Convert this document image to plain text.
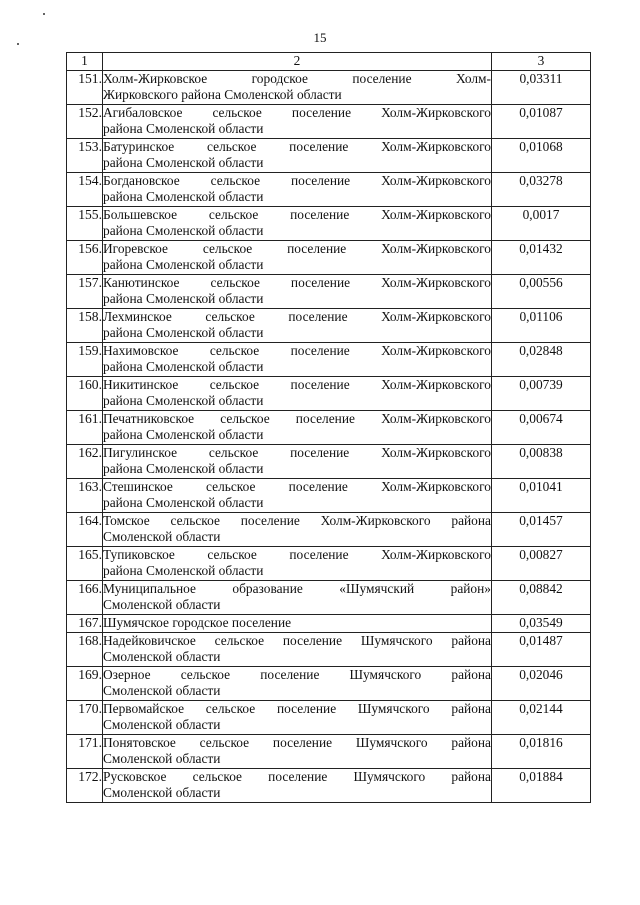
15
1	2	3
151.	Холм-Жирковское городское поселение Холм-
Жирковского района Смоленской области	0,03311
152.	Агибаловское сельское поселение Холм-Жирковского
района Смоленской области	0,01087
153.	Батуринское сельское поселение Холм-Жирковского
района Смоленской области	0,01068
154.	Богдановское сельское поселение Холм-Жирковского
района Смоленской области	0,03278
155.	Большевское сельское поселение Холм-Жирковского
района Смоленской области	0,0017
156.	Игоревское сельское поселение Холм-Жирковского
района Смоленской области	0,01432
157.	Канютинское сельское поселение Холм-Жирковского
района Смоленской области	0,00556
158.	Лехминское сельское поселение Холм-Жирковского
района Смоленской области	0,01106
159.	Нахимовское сельское поселение Холм-Жирковского
района Смоленской области	0,02848
160.	Никитинское сельское поселение Холм-Жирковского
района Смоленской области	0,00739
161.	Печатниковское сельское поселение Холм-Жирковского
района Смоленской области	0,00674
162.	Пигулинское сельское поселение Холм-Жирковского
района Смоленской области	0,00838
163.	Стешинское сельское поселение Холм-Жирковского
района Смоленской области	0,01041
164.	Томское сельское поселение Холм-Жирковского района
Смоленской области	0,01457
165.	Тупиковское сельское поселение Холм-Жирковского
района Смоленской области	0,00827
166.	Муниципальное образование «Шумячский район»
Смоленской области	0,08842
167.	Шумячское городское поселение	0,03549
168.	Надейковичское сельское поселение Шумячского района
Смоленской области	0,01487
169.	Озерное сельское поселение Шумячского района
Смоленской области	0,02046
170.	Первомайское сельское поселение Шумячского района
Смоленской области	0,02144
171.	Понятовское сельское поселение Шумячского района
Смоленской области	0,01816
172.	Русковское сельское поселение Шумячского района
Смоленской области	0,01884
